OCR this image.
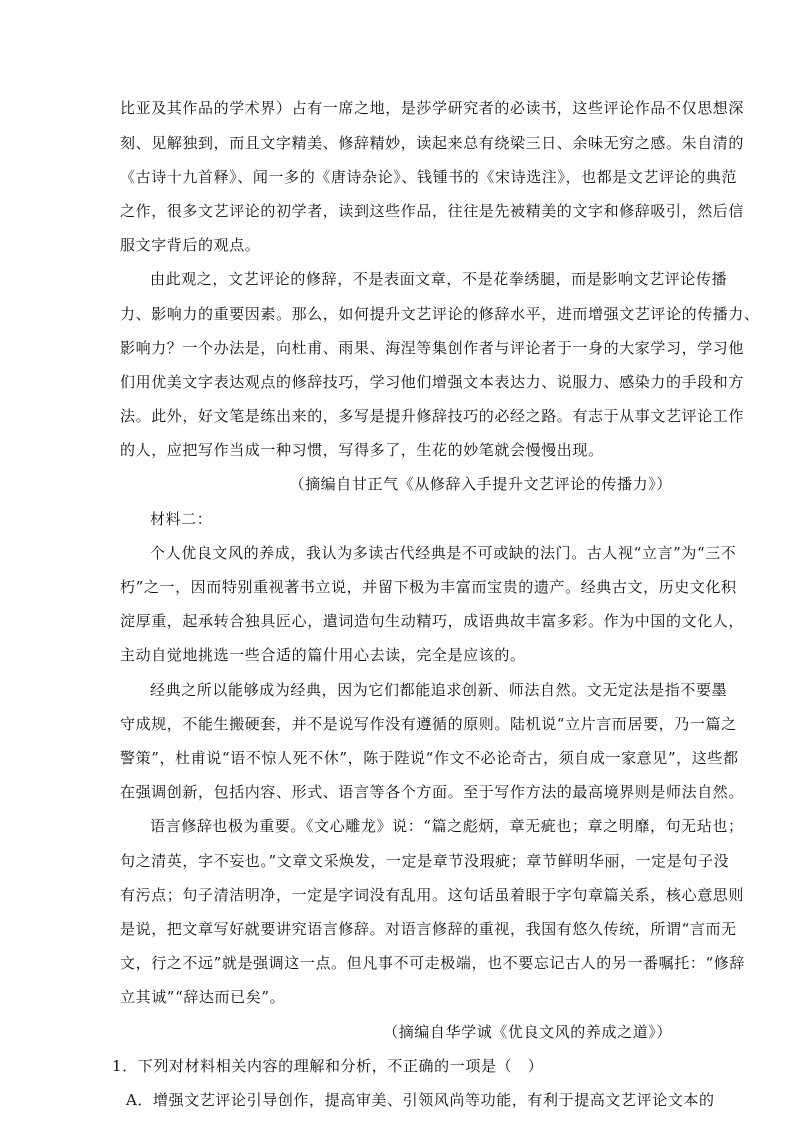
比亚及其作品的学术界）占有一席之地，是莎学研究者的必读书，这些评论作品不仅思想深
刻、见解独到，而且文字精美、修辞精妙，读起来总有绕梁三日、余味无穷之感。朱自清的
《古诗十九首释》、闻一多的《唐诗杂论》、钱锺书的《宋诗选注》，也都是文艺评论的典范
之作，很多文艺评论的初学者，读到这些作品，往往是先被精美的文字和修辞吸引，然后信
服文字背后的观点。
由此观之，文艺评论的修辞，不是表面文章，不是花拳绣腿，而是影响文艺评论传播
力、影响力的重要因素。那么，如何提升文艺评论的修辞水平，进而增强文艺评论的传播力、
影响力？一个办法是，向杜甫、雨果、海涅等集创作者与评论者于一身的大家学习，学习他
们用优美文字表达观点的修辞技巧，学习他们增强文本表达力、说服力、感染力的手段和方
法。此外，好文笔是练出来的，多写是提升修辞技巧的必经之路。有志于从事文艺评论工作
的人，应把写作当成一种习惯，写得多了，生花的妙笔就会慢慢出现。
（摘编自甘正气《从修辞入手提升文艺评论的传播力》）
材料二：
个人优良文风的养成，我认为多读古代经典是不可或缺的法门。古人视“立言”为“三不
朽”之一，因而特别重视著书立说，并留下极为丰富而宝贵的遗产。经典古文，历史文化积
淀厚重，起承转合独具匠心，遣词造句生动精巧，成语典故丰富多彩。作为中国的文化人，
主动自觉地挑选一些合适的篇什用心去读，完全是应该的。
经典之所以能够成为经典，因为它们都能追求创新、师法自然。文无定法是指不要墨
守成规，不能生搬硬套，并不是说写作没有遵循的原则。陆机说“立片言而居要，乃一篇之
警策”，杜甫说“语不惊人死不休”，陈于陛说“作文不必论奇古，须自成一家意见”，这些都
在强调创新，包括内容、形式、语言等各个方面。至于写作方法的最高境界则是师法自然。
语言修辞也极为重要。《文心雕龙》说：“篇之彪炳，章无疵也；章之明靡，句无玷也；
句之清英，字不妄也。”文章文采焕发，一定是章节没瑕疵；章节鲜明华丽，一定是句子没
有污点；句子清洁明净，一定是字词没有乱用。这句话虽着眼于字句章篇关系，核心意思则
是说，把文章写好就要讲究语言修辞。对语言修辞的重视，我国有悠久传统，所谓“言而无
文，行之不远”就是强调这一点。但凡事不可走极端，也不要忘记古人的另一番嘱托：“修辞
立其诚”“辞达而已矣”。
（摘编自华学诚《优良文风的养成之道》）
1．下列对材料相关内容的理解和分析，不正确的一项是（　）
A．增强文艺评论引导创作，提高审美、引领风尚等功能，有利于提高文艺评论文本的
